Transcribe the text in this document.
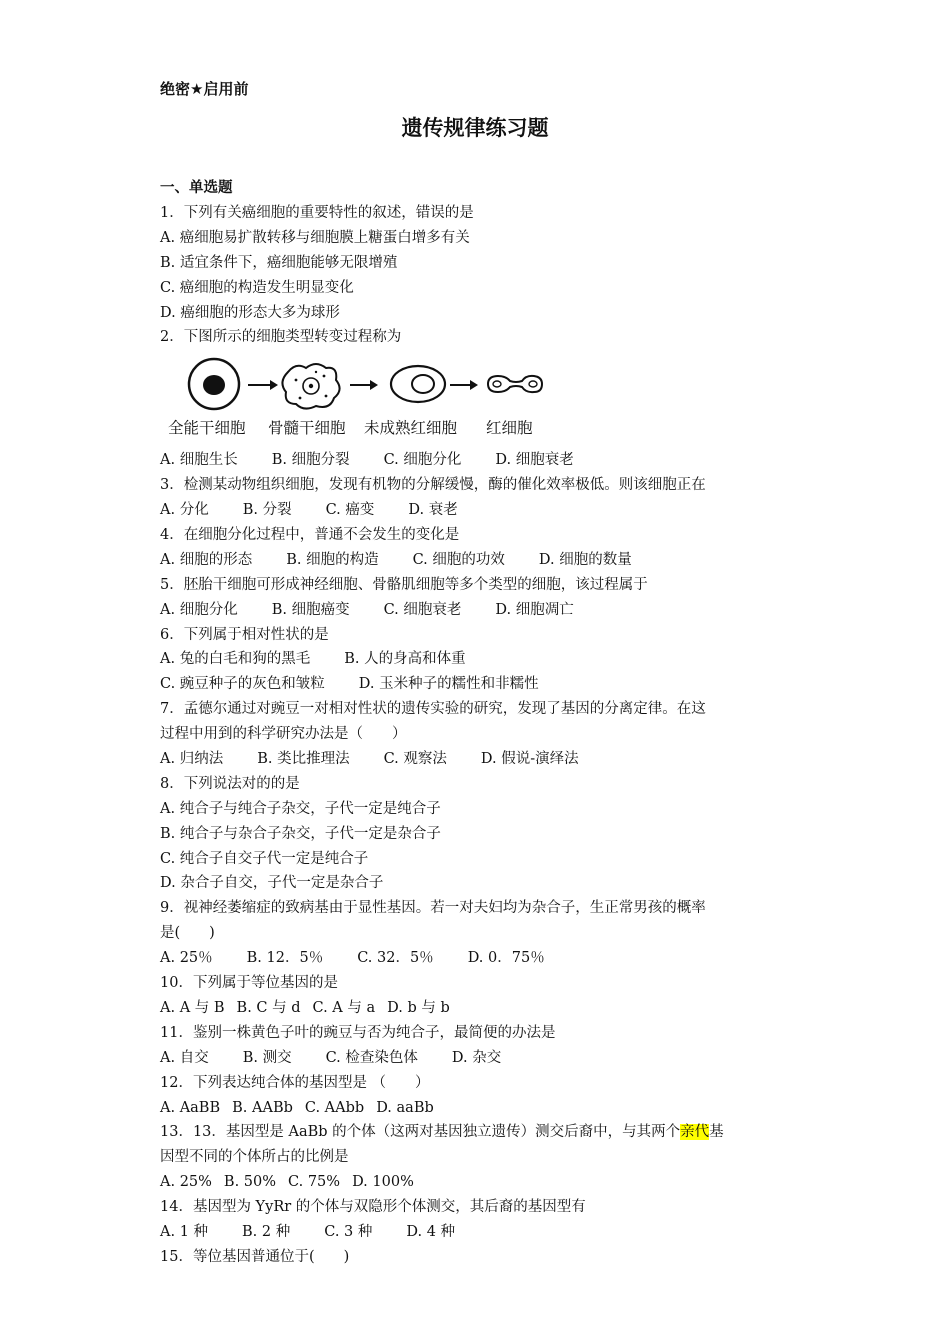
绝密★启用前
遗传规律练习题
一、单选题
1．下列有关癌细胞的重要特性的叙述，错误的是
A. 癌细胞易扩散转移与细胞膜上糖蛋白增多有关
B. 适宜条件下，癌细胞能够无限增殖
C. 癌细胞的构造发生明显变化
D. 癌细胞的形态大多为球形
2．下图所示的细胞类型转变过程称为
全能干细胞 骨髓干细胞 未成熟红细胞 红细胞
A. 细胞生长 B. 细胞分裂 C. 细胞分化 D. 细胞衰老
3．检测某动物组织细胞，发现有机物的分解缓慢，酶的催化效率极低。则该细胞正在
A. 分化 B. 分裂 C. 癌变 D. 衰老
4．在细胞分化过程中，普通不会发生的变化是
A. 细胞的形态 B. 细胞的构造 C. 细胞的功效 D. 细胞的数量
5．胚胎干细胞可形成神经细胞、骨骼肌细胞等多个类型的细胞，该过程属于
A. 细胞分化 B. 细胞癌变 C. 细胞衰老 D. 细胞凋亡
6．下列属于相对性状的是
A. 兔的白毛和狗的黑毛 B. 人的身高和体重
C. 豌豆种子的灰色和皱粒 D. 玉米种子的糯性和非糯性
7．孟德尔通过对豌豆一对相对性状的遗传实验的研究，发现了基因的分离定律。在这
过程中用到的科学研究办法是（　　）
A. 归纳法 B. 类比推理法 C. 观察法 D. 假说-演绎法
8．下列说法对的的是
A. 纯合子与纯合子杂交，子代一定是纯合子
B. 纯合子与杂合子杂交，子代一定是杂合子
C. 纯合子自交子代一定是纯合子
D. 杂合子自交，子代一定是杂合子
9．视神经萎缩症的致病基由于显性基因。若一对夫妇均为杂合子，生正常男孩的概率
是(　　)
A. 25％ B. 12．5％ C. 32．5％ D. 0．75％
10．下列属于等位基因的是
A. A 与 B B. C 与 d C. A 与 a D. b 与 b
11．鉴别一株黄色子叶的豌豆与否为纯合子，最简便的办法是
A. 自交 B. 测交 C. 检查染色体 D. 杂交
12．下列表达纯合体的基因型是 （　　）
A. AaBB B. AABb C. AAbb D. aaBb
13．13．基因型是 AaBb 的个体（这两对基因独立遗传）测交后裔中，与其两个亲代基
因型不同的个体所占的比例是
A. 25% B. 50% C. 75% D. 100%
14．基因型为 YyRr 的个体与双隐形个体测交，其后裔的基因型有
A. 1 种 B. 2 种 C. 3 种 D. 4 种
15．等位基因普通位于(　　)
